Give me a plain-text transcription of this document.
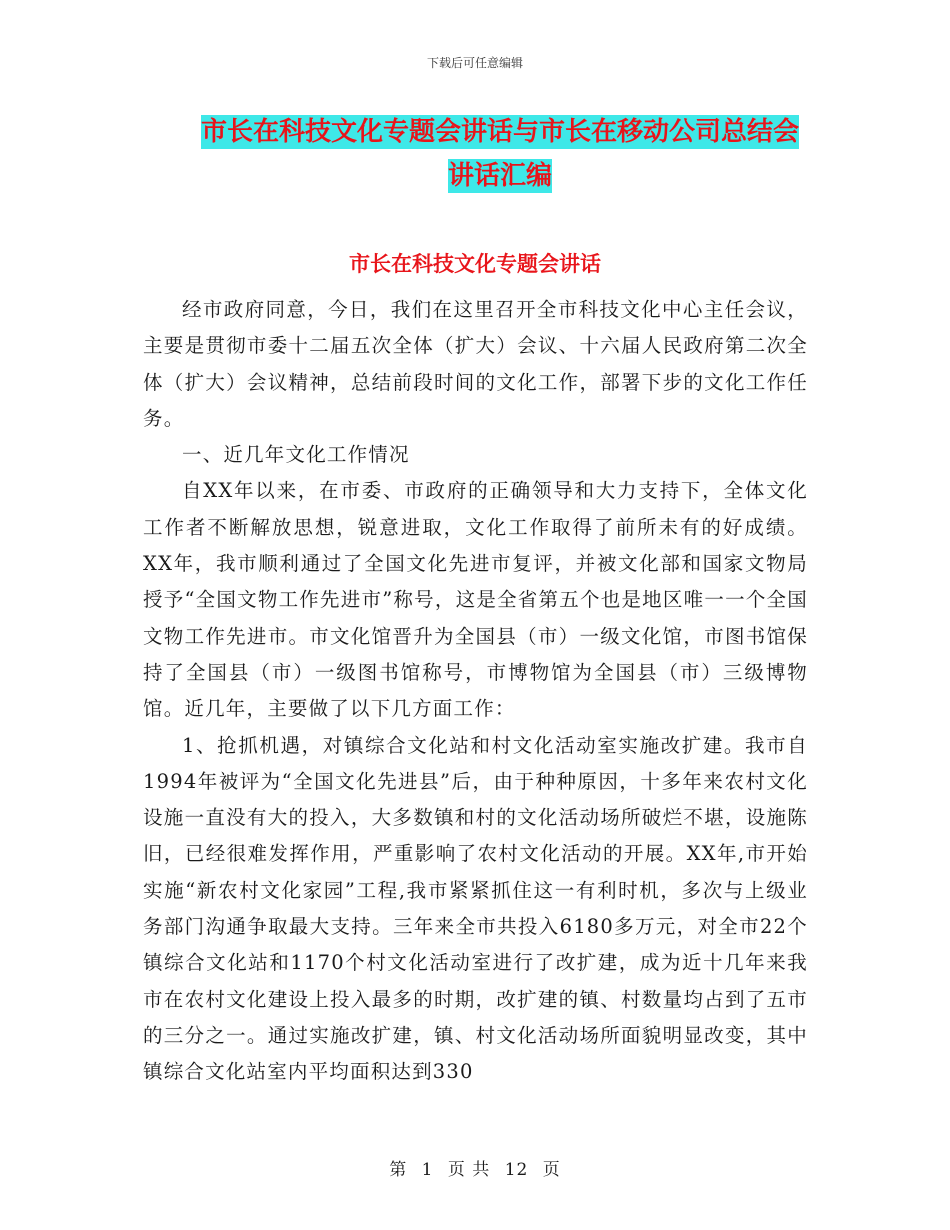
下载后可任意编辑
市长在科技文化专题会讲话与市长在移动公司总结会
讲话汇编
市长在科技文化专题会讲话

经市政府同意，今日，我们在这里召开全市科技文化中心主任会议，主要是贯彻市委十二届五次全体（扩大）会议、十六届人民政府第二次全体（扩大）会议精神，总结前段时间的文化工作，部署下步的文化工作任务。

一、近几年文化工作情况

自XX年以来，在市委、市政府的正确领导和大力支持下，全体文化工作者不断解放思想，锐意进取，文化工作取得了前所未有的好成绩。XX年，我市顺利通过了全国文化先进市复评，并被文化部和国家文物局授予“全国文物工作先进市”称号，这是全省第五个也是地区唯一一个全国文物工作先进市。市文化馆晋升为全国县（市）一级文化馆，市图书馆保持了全国县（市）一级图书馆称号，市博物馆为全国县（市）三级博物馆。近几年，主要做了以下几方面工作：

1、抢抓机遇，对镇综合文化站和村文化活动室实施改扩建。我市自1994年被评为“全国文化先进县”后，由于种种原因，十多年来农村文化设施一直没有大的投入，大多数镇和村的文化活动场所破烂不堪，设施陈旧，已经很难发挥作用，严重影响了农村文化活动的开展。XX年,市开始实施“新农村文化家园”工程,我市紧紧抓住这一有利时机，多次与上级业务部门沟通争取最大支持。三年来全市共投入6180多万元，对全市22个镇综合文化站和1170个村文化活动室进行了改扩建，成为近十几年来我市在农村文化建设上投入最多的时期，改扩建的镇、村数量均占到了五市的三分之一。通过实施改扩建，镇、村文化活动场所面貌明显改变，其中镇综合文化站室内平均面积达到330

第 1 页 共 12 页
